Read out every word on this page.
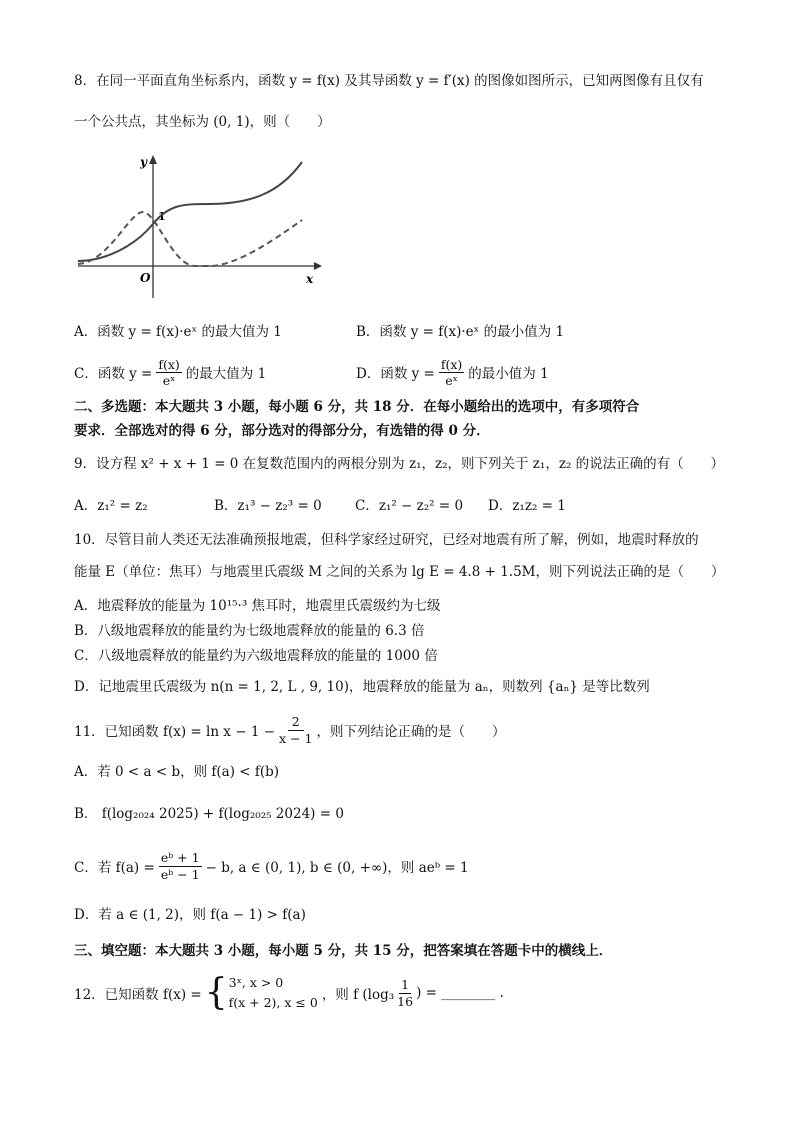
8．在同一平面直角坐标系内，函数 y = f(x) 及其导函数 y = f′(x) 的图像如图所示，已知两图像有且仅有
一个公共点，其坐标为 (0, 1)，则（　　）
y
x
O
1
A．函数 y = f(x)·eˣ 的最大值为 1	B．函数 y = f(x)·eˣ 的最小值为 1
C．函数 $y = \frac{f(x)}{\text{eˣ}}$ 的最大值为 1	D．函数 $y = \frac{f(x)}{\text{eˣ}}$ 的最小值为 1
二、多选题：本大题共 3 小题，每小题 6 分，共 18 分．在每小题给出的选项中，有多项符合
要求．全部选对的得 6 分，部分选对的得部分分，有选错的得 0 分．
9．设方程 x² + x + 1 = 0 在复数范围内的两根分别为 z₁，z₂，则下列关于 z₁，z₂ 的说法正确的有（　　）
A．z₁² = z₂	B．z₁³ − z₂³ = 0 C．z₁² − z₂² = 0 D．z₁z₂ = 1
10．尽管目前人类还无法准确预报地震，但科学家经过研究，已经对地震有所了解，例如，地震时释放的
能量 E（单位：焦耳）与地震里氏震级 M 之间的关系为 lg E = 4.8 + 1.5M，则下列说法正确的是（　　）
A．地震释放的能量为 10¹⁵·³ 焦耳时，地震里氏震级约为七级
B．八级地震释放的能量约为七级地震释放的能量的 6.3 倍
C．八级地震释放的能量约为六级地震释放的能量的 1000 倍
D．记地震里氏震级为 n(n = 1, 2, L , 9, 10)，地震释放的能量为 aₙ，则数列 {aₙ} 是等比数列
11．已知函数 $f(x) = \ln x - 1 - \frac{2}{x - 1}$ ，则下列结论正确的是（　　）
A．若 0 < a < b，则 f(a) < f(b)
B． f(log₂₀₂₄ 2025) + f(log₂₀₂₅ 2024) = 0
C．若 $f(a) = \frac{\text{eᵇ + 1}}{\text{eᵇ − 1}} - b$, a ∈ (0, 1), b ∈ (0, +∞)，则 aeᵇ = 1
D．若 a ∈ (1, 2)，则 f(a − 1) > f(a)
三、填空题：本大题共 3 小题，每小题 5 分，共 15 分，把答案填在答题卡中的横线上．
12．已知函数 f(x) = { 3ˣ, x > 0
f(x + 2), x ≤ 0 ，则 f ($\log_3 \frac{1}{16}$ ) = ________ .
